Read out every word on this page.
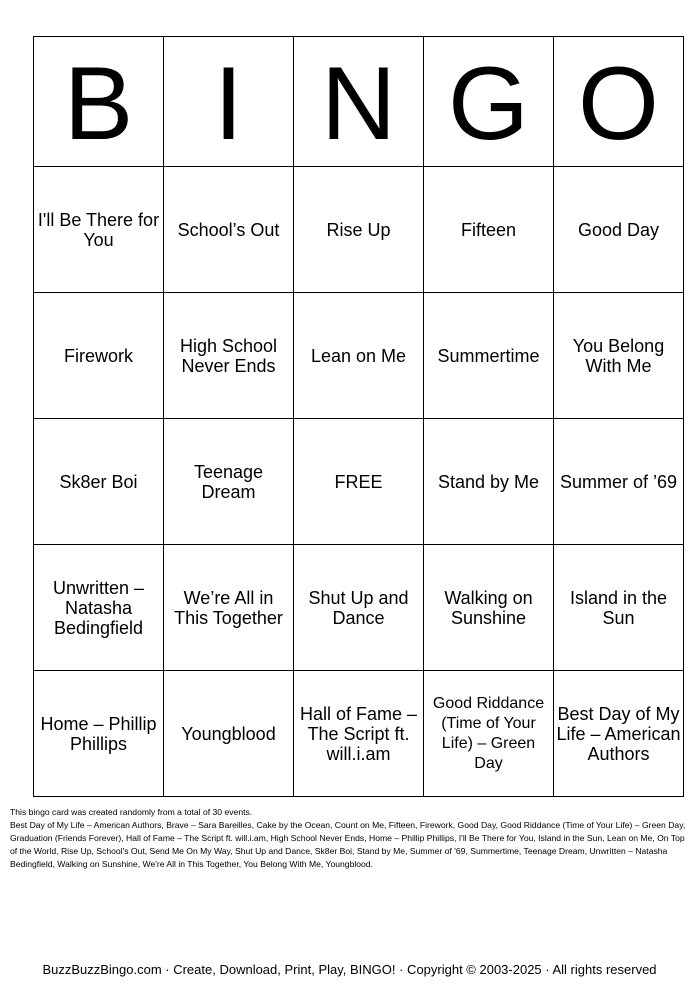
B	I	N	G	O
I'll Be There for You	School’s Out	Rise Up	Fifteen	Good Day
Firework	High School Never Ends	Lean on Me	Summertime	You Belong With Me
Sk8er Boi	Teenage Dream	FREE	Stand by Me	Summer of ’69
Unwritten – Natasha Bedingfield	We’re All in This Together	Shut Up and Dance	Walking on Sunshine	Island in the Sun
Home – Phillip Phillips	Youngblood	Hall of Fame – The Script ft. will.i.am	Good Riddance (Time of Your Life) – Green Day	Best Day of My Life – American Authors

This bingo card was created randomly from a total of 30 events.

Best Day of My Life – American Authors, Brave – Sara Bareilles, Cake by the Ocean, Count on Me, Fifteen, Firework, Good Day, Good Riddance (Time of Your Life) – Green Day, Graduation (Friends Forever), Hall of Fame – The Script ft. will.i.am, High School Never Ends, Home – Phillip Phillips, I'll Be There for You, Island in the Sun, Lean on Me, On Top of the World, Rise Up, School's Out, Send Me On My Way, Shut Up and Dance, Sk8er Boi, Stand by Me, Summer of '69, Summertime, Teenage Dream, Unwritten – Natasha Bedingfield, Walking on Sunshine, We're All in This Together, You Belong With Me, Youngblood.

BuzzBuzzBingo.com · Create, Download, Print, Play, BINGO! · Copyright © 2003-2025 · All rights reserved
